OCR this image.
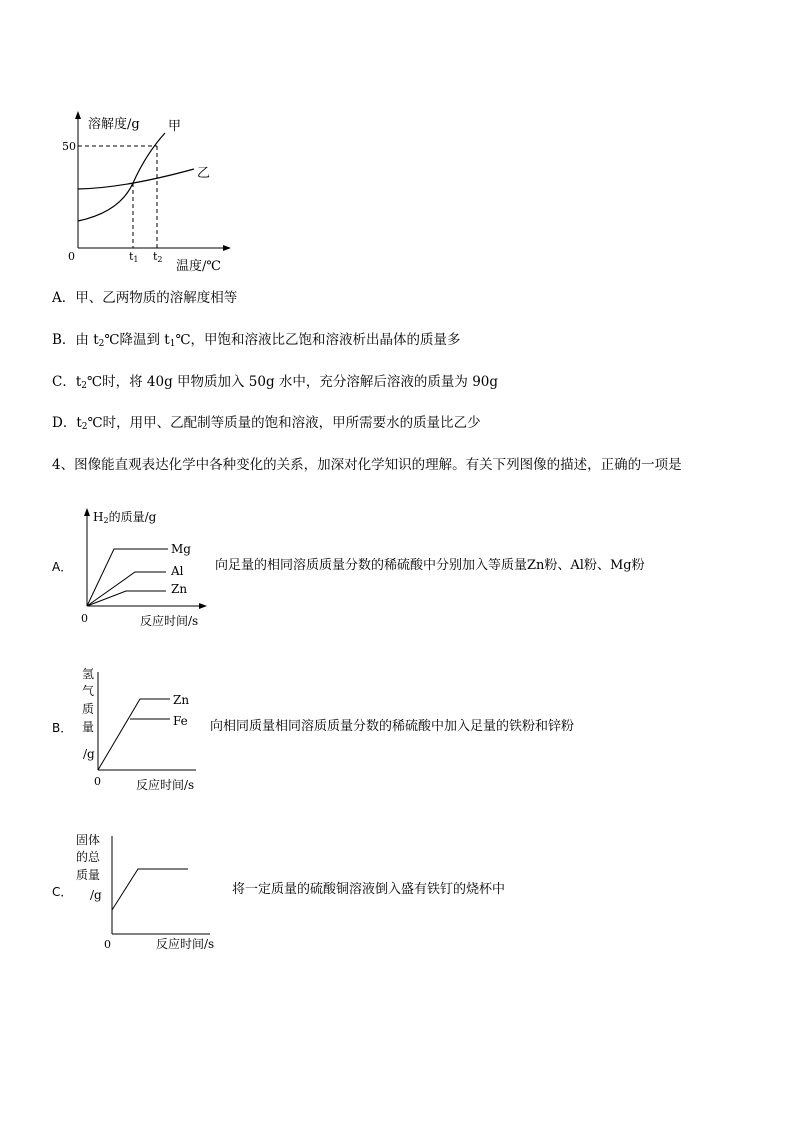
溶解度/g 甲
乙
50
0	t1 t2 温度/℃
A．甲、乙两物质的溶解度相等
B．由 $t_2℃$降温到 $t_1℃$，甲饱和溶液比乙饱和溶液析出晶体的质量多
C．$t_2℃$时，将 40g 甲物质加入 50g 水中，充分溶解后溶液的质量为 90g
D．$t_2℃$时，用甲、乙配制等质量的饱和溶液，甲所需要水的质量比乙少
4、图像能直观表达化学中各种变化的关系，加深对化学知识的理解。有关下列图像的描述，正确的一项是
A．
H2的质量/g
Mg
Al
Zn
0	反应时间/s
向足量的相同溶质质量分数的稀硫酸中分别加入等质量Zn粉、Al粉、Mg粉
B．
氢
气
质
量
/g
Zn
Fe
0	反应时间/s
向相同质量相同溶质质量分数的稀硫酸中加入足量的铁粉和锌粉
C．
固体
的总
质量
/g
0	反应时间/s
将一定质量的硫酸铜溶液倒入盛有铁钉的烧杯中
